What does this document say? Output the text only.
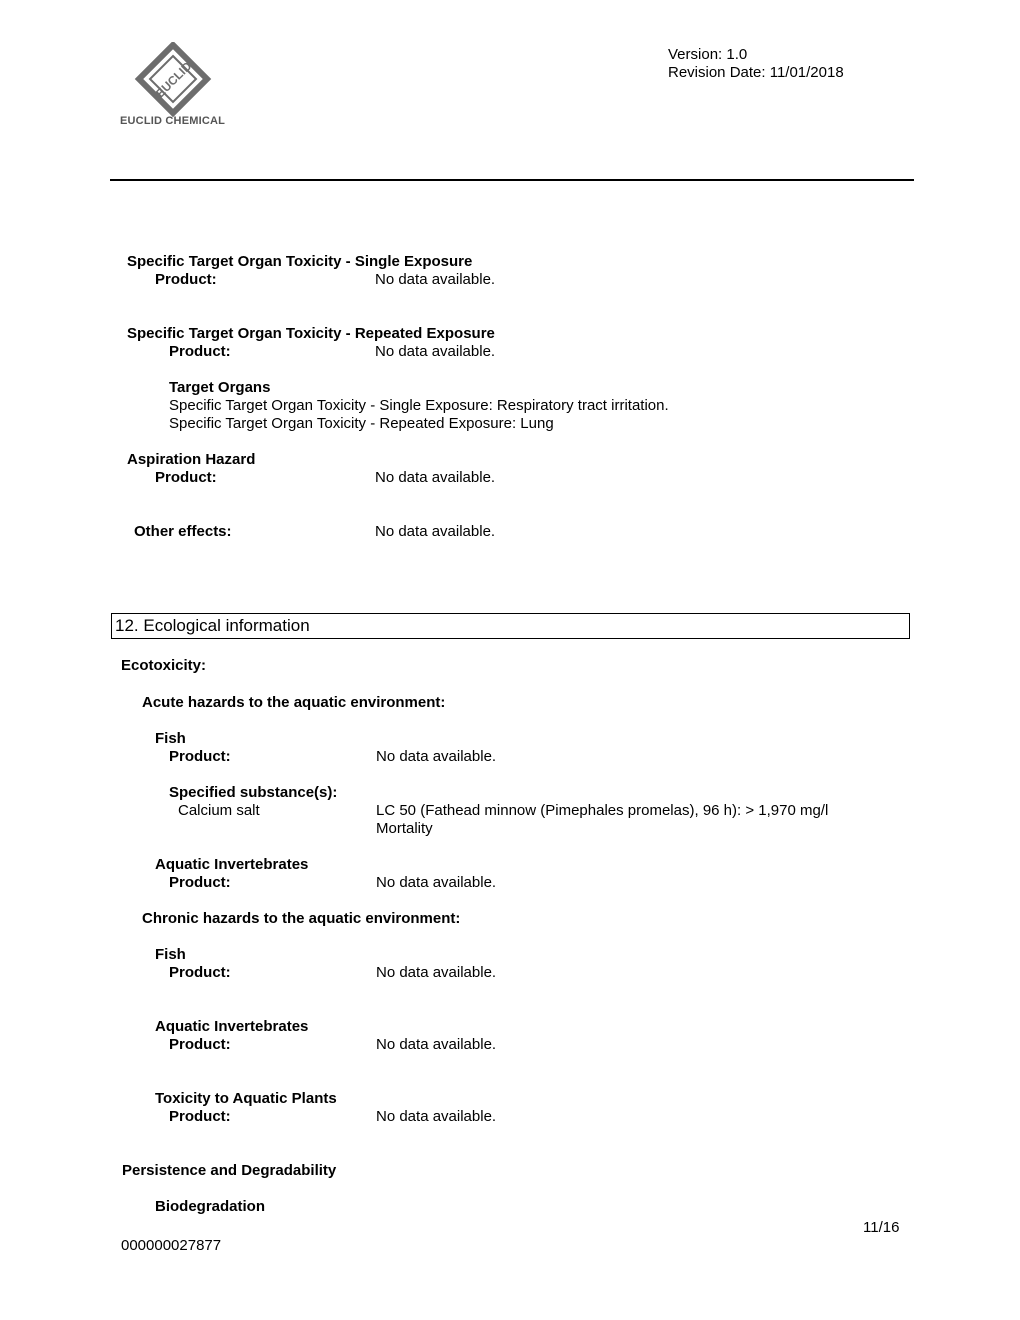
EUCLID
EUCLID CHEMICAL
Version: 1.0
Revision Date: 11/01/2018
Specific Target Organ Toxicity - Single Exposure
Product:	No data available.
Specific Target Organ Toxicity - Repeated Exposure
Product:	No data available.
Target Organs
Specific Target Organ Toxicity - Single Exposure: Respiratory tract irritation.
Specific Target Organ Toxicity - Repeated Exposure: Lung
Aspiration Hazard
Product:	No data available.
Other effects:	No data available.
12. Ecological information
Ecotoxicity:
Acute hazards to the aquatic environment:
Fish
Product:	No data available.
Specified substance(s):
Calcium salt	LC 50 (Fathead minnow (Pimephales promelas), 96 h): > 1,970 mg/l
Mortality
Aquatic Invertebrates
Product:	No data available.
Chronic hazards to the aquatic environment:
Fish
Product:	No data available.
Aquatic Invertebrates
Product:	No data available.
Toxicity to Aquatic Plants
Product:	No data available.
Persistence and Degradability
Biodegradation
11/16
000000027877
